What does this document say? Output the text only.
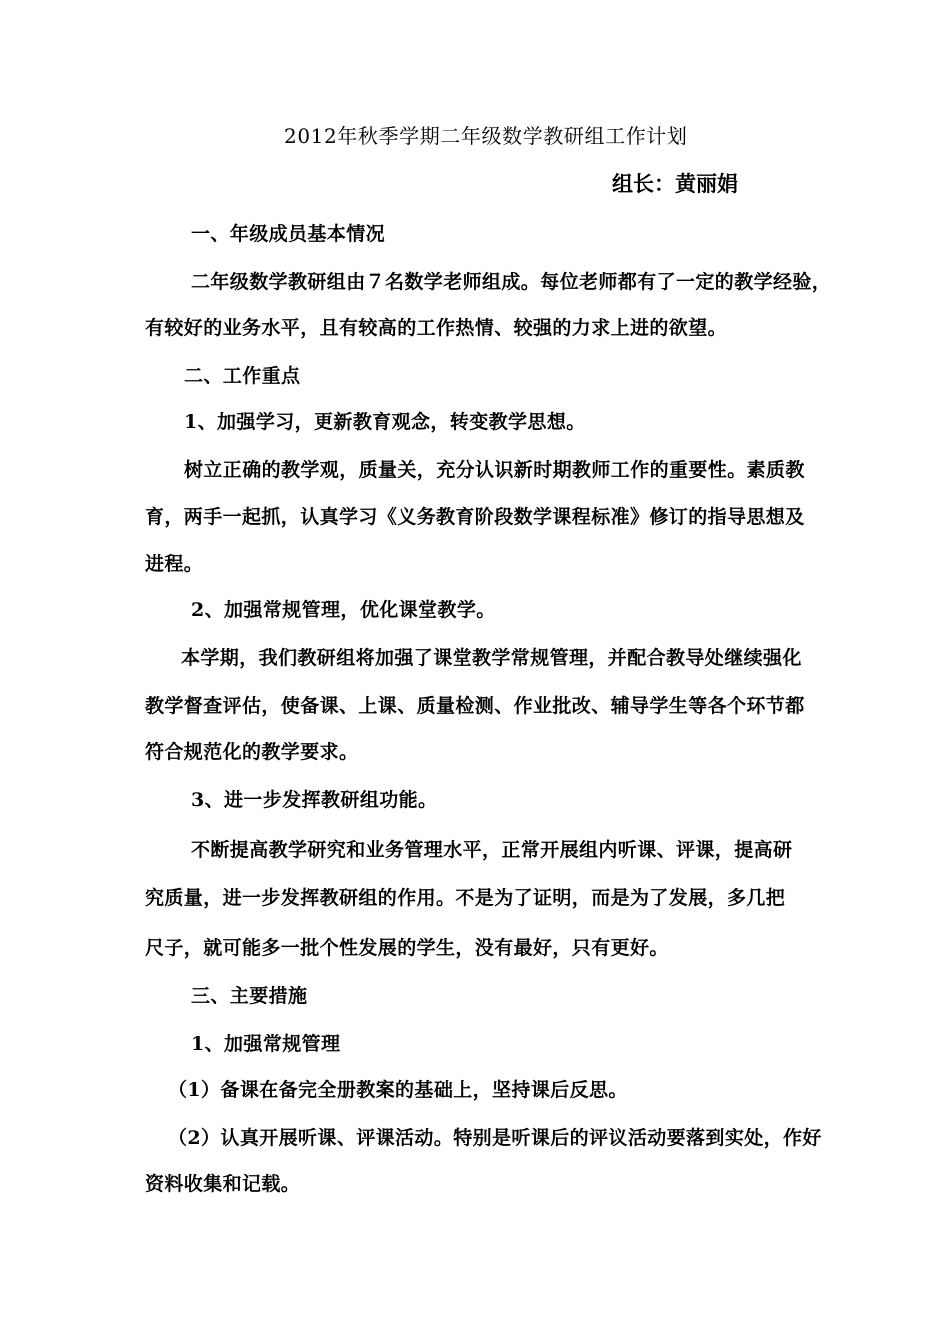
2012年秋季学期二年级数学教研组工作计划
组长：黄丽娟
一、年级成员基本情况
二年级数学教研组由７名数学老师组成。每位老师都有了一定的教学经验，
有较好的业务水平，且有较高的工作热情、较强的力求上进的欲望。
二、工作重点
1、加强学习，更新教育观念，转变教学思想。
树立正确的教学观，质量关，充分认识新时期教师工作的重要性。素质教
育，两手一起抓，认真学习《义务教育阶段数学课程标准》修订的指导思想及
进程。
2、加强常规管理，优化课堂教学。
本学期，我们教研组将加强了课堂教学常规管理，并配合教导处继续强化
教学督查评估，使备课、上课、质量检测、作业批改、辅导学生等各个环节都
符合规范化的教学要求。
3、进一步发挥教研组功能。
不断提高教学研究和业务管理水平，正常开展组内听课、评课，提高研
究质量，进一步发挥教研组的作用。不是为了证明，而是为了发展，多几把
尺子，就可能多一批个性发展的学生，没有最好，只有更好。
三、主要措施
1、加强常规管理
（1）备课在备完全册教案的基础上，坚持课后反思。
（2）认真开展听课、评课活动。特别是听课后的评议活动要落到实处，作好
资料收集和记载。
